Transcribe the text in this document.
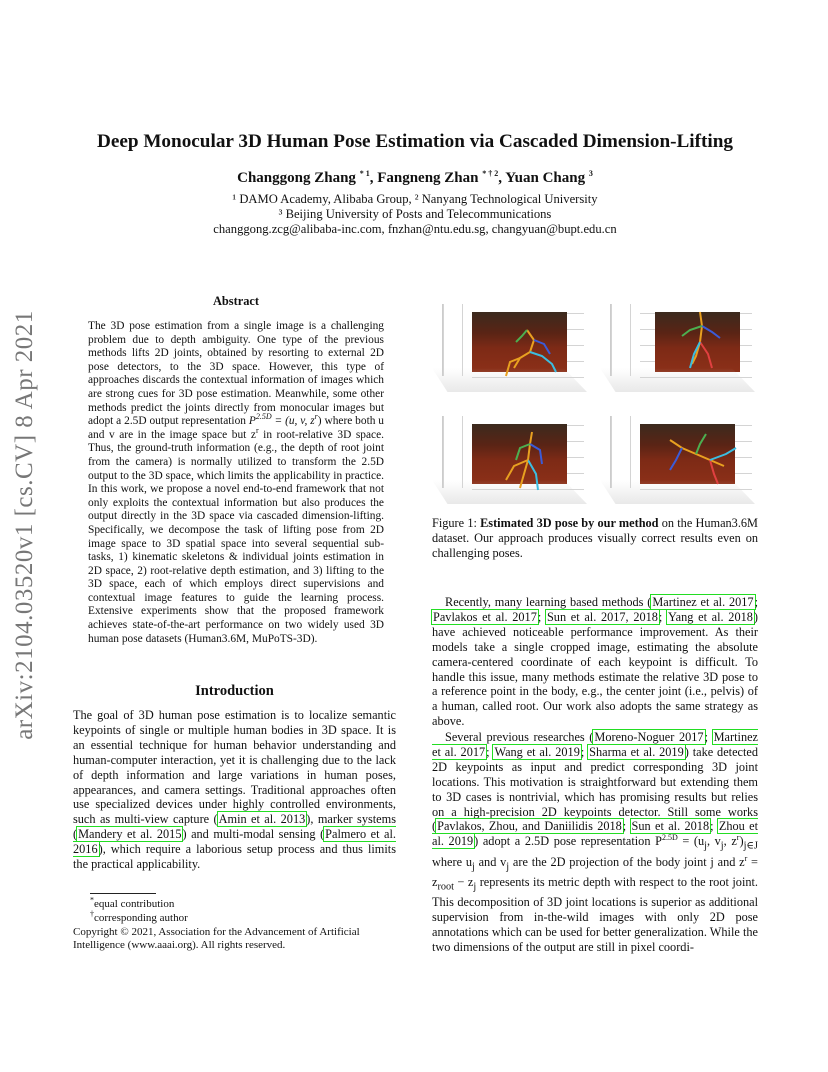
arXiv:2104.03520v1 [cs.CV] 8 Apr 2021
Deep Monocular 3D Human Pose Estimation via Cascaded Dimension-Lifting
Changgong Zhang $^{* 1}$, Fangneng Zhan $^{* \dagger 2}$, Yuan Chang $^3$
¹ DAMO Academy, Alibaba Group, ² Nanyang Technological University
³ Beijing University of Posts and Telecommunications
changgong.zcg@alibaba-inc.com, fnzhan@ntu.edu.sg, changyuan@bupt.edu.cn
Abstract
The 3D pose estimation from a single image is a challenging problem due to depth ambiguity. One type of the previous methods lifts 2D joints, obtained by resorting to external 2D pose detectors, to the 3D space. However, this type of approaches discards the contextual information of images which are strong cues for 3D pose estimation. Meanwhile, some other methods predict the joints directly from monocular images but adopt a 2.5D output representation $P^{2.5D} = (u$, v, $z^r$) where both u and v are in the image space but $z^r$ in root-relative 3D space. Thus, the ground-truth information (e.g., the depth of root joint from the camera) is normally utilized to transform the 2.5D output to the 3D space, which limits the applicability in practice. In this work, we propose a novel end-to-end framework that not only exploits the contextual information but also produces the output directly in the 3D space via cascaded dimension-lifting. Specifically, we decompose the task of lifting pose from 2D image space to 3D spatial space into several sequential sub-tasks, 1) kinematic skeletons & individual joints estimation in 2D space, 2) root-relative depth estimation, and 3) lifting to the 3D space, each of which employs direct supervisions and contextual image features to guide the learning process. Extensive experiments show that the proposed framework achieves state-of-the-art performance on two widely used 3D human pose datasets (Human3.6M, MuPoTS-3D).
Introduction
The goal of 3D human pose estimation is to localize semantic keypoints of single or multiple human bodies in 3D space. It is an essential technique for human behavior understanding and human-computer interaction, yet it is challenging due to the lack of depth information and large variations in human poses, appearances, and camera settings. Traditional approaches often use specialized devices under highly controlled environments, such as multi-view capture (Amin et al. 2013), marker systems (Mandery et al. 2015) and multi-modal sensing (Palmero et al. 2016), which require a laborious setup process and thus limits the practical applicability.
*equal contribution
†corresponding author
Copyright © 2021, Association for the Advancement of Artificial Intelligence (www.aaai.org). All rights reserved.
Figure 1: Estimated 3D pose by our method on the Human3.6M dataset. Our approach produces visually correct results even on challenging poses.
Recently, many learning based methods (Martinez et al. 2017; Pavlakos et al. 2017; Sun et al. 2017, 2018; Yang et al. 2018) have achieved noticeable performance improvement. As their models take a single cropped image, estimating the absolute camera-centered coordinate of each keypoint is difficult. To handle this issue, many methods estimate the relative 3D pose to a reference point in the body, e.g., the center joint (i.e., pelvis) of a human, called root. Our work also adopts the same strategy as above.
Several previous researches (Moreno-Noguer 2017; Martinez et al. 2017; Wang et al. 2019; Sharma et al. 2019) take detected 2D keypoints as input and predict corresponding 3D joint locations. This motivation is straightforward but extending them to 3D cases is nontrivial, which has promising results but relies on a high-precision 2D keypoints detector. Still some works (Pavlakos, Zhou, and Daniilidis 2018; Sun et al. 2018; Zhou et al. 2019) adopt a 2.5D pose representation $P^{2.5D} = (u_j$, $v_j$, $z^r)_{j\in J}$ where $u_j$ and $v_j$ are the 2D projection of the body joint j and $z^r = z_{root} - z_j$ represents its metric depth with respect to the root joint. This decomposition of 3D joint locations is superior as additional supervision from in-the-wild images with only 2D pose annotations which can be used for better generalization. While the two dimensions of the output are still in pixel coordi-
